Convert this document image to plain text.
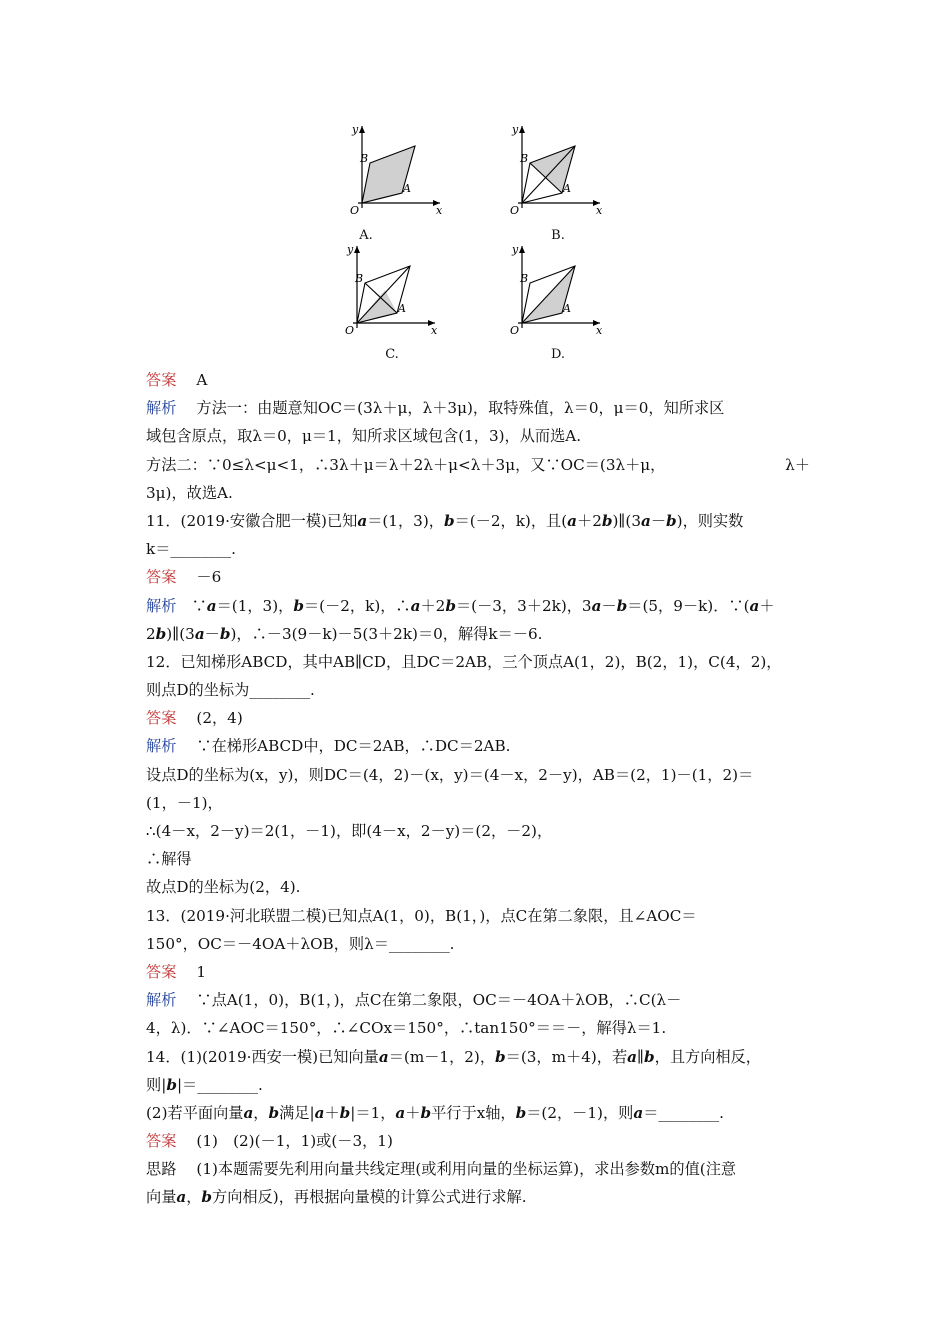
y
x
O
A
B
A.
y
x
O
A
B
B.
y
x
O
A
B
C.
y
x
O
A
B
D.
答案　 A
解析　 方法一：由题意知OC＝(3λ＋μ，λ＋3μ)，取特殊值，λ＝0，μ＝0，知所求区
域包含原点，取λ＝0，μ＝1，知所求区域包含(1，3)，从而选A.
方法二：∵0≤λ<μ<1，∴3λ＋μ＝λ＋2λ＋μ<λ＋3μ，又∵OC＝(3λ＋μ，	λ＋
3μ)，故选A.
11．(2019·安徽合肥一模)已知a＝(1，3)，b＝(－2，k)，且(a＋2b)∥(3a－b)，则实数
k＝________.
答案　 －6
解析　 ∵a＝(1，3)，b＝(－2，k)，∴a＋2b＝(－3，3＋2k)，3a－b＝(5，9－k)．∵(a＋
2b)∥(3a－b)，∴－3(9－k)－5(3＋2k)＝0，解得k＝－6.
12．已知梯形ABCD，其中AB∥CD，且DC＝2AB，三个顶点A(1，2)，B(2，1)，C(4，2)，
则点D的坐标为________.
答案　 (2，4)
解析　 ∵在梯形ABCD中，DC＝2AB，∴DC＝2AB.
设点D的坐标为(x，y)，则DC＝(4，2)－(x，y)＝(4－x，2－y)，AB＝(2，1)－(1，2)＝
(1，－1)，
∴(4－x，2－y)＝2(1，－1)，即(4－x，2－y)＝(2，－2)，
∴解得
故点D的坐标为(2，4).
13．(2019·河北联盟二模)已知点A(1，0)，B(1，)，点C在第二象限，且∠AOC＝
150°，OC＝－4OA＋λOB，则λ＝________.
答案　 1
解析　 ∵点A(1，0)，B(1，)，点C在第二象限，OC＝－4OA＋λOB，∴C(λ－
4，λ)．∵∠AOC＝150°，∴∠COx＝150°，∴tan150°＝＝－，解得λ＝1.
14．(1)(2019·西安一模)已知向量a＝(m－1，2)，b＝(3，m＋4)，若a∥b，且方向相反，
则|b|＝________.
(2)若平面向量a，b满足|a＋b|＝1，a＋b平行于x轴，b＝(2，－1)，则a＝________.
答案　 (1)　(2)(－1，1)或(－3，1)
思路　 (1)本题需要先利用向量共线定理(或利用向量的坐标运算)，求出参数m的值(注意
向量a，b方向相反)，再根据向量模的计算公式进行求解.
